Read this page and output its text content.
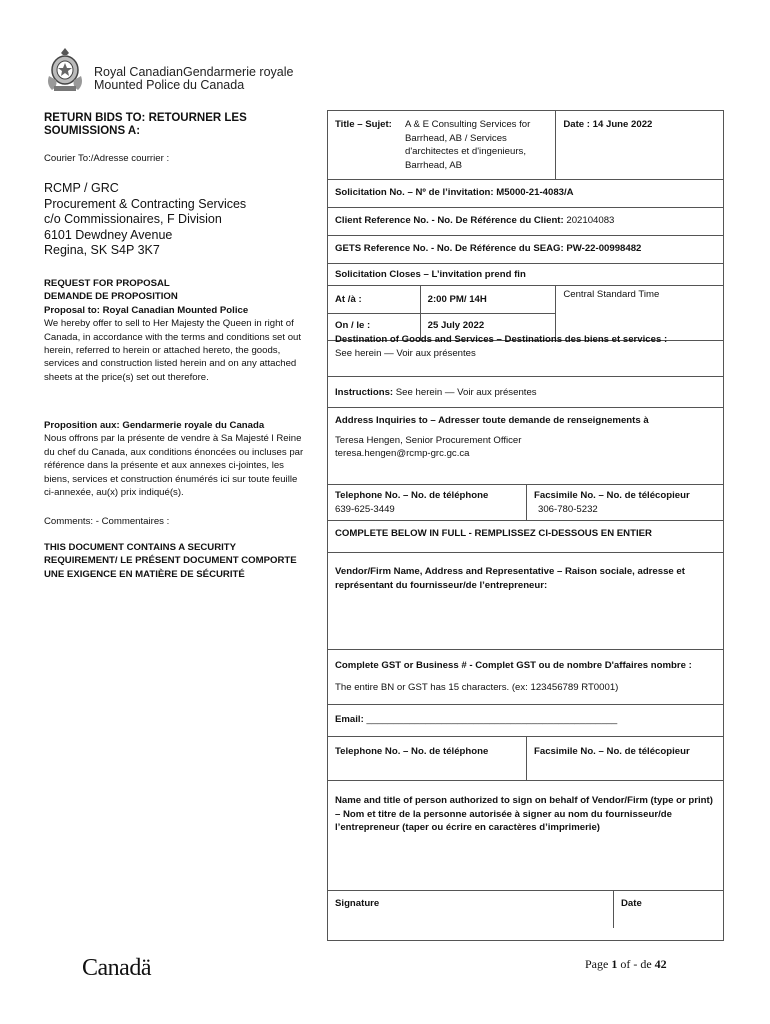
Royal Canadian Gendarmerie royale
Mounted Police du Canada
RETURN BIDS TO: RETOURNER LES
SOUMISSIONS A:
Courier To:/Adresse courrier :
RCMP / GRC
Procurement & Contracting Services
c/o Commissionaires, F Division
6101 Dewdney Avenue
Regina, SK S4P 3K7
REQUEST FOR PROPOSAL
DEMANDE DE PROPOSITION
Proposal to: Royal Canadian Mounted Police
We hereby offer to sell to Her Majesty the Queen in right of Canada, in accordance with the terms and conditions set out herein, referred to herein or attached hereto, the goods, services and construction listed herein and on any attached sheets at the price(s) set out therefore.
Proposition aux: Gendarmerie royale du Canada
Nous offrons par la présente de vendre à Sa Majesté l Reine du chef du Canada, aux conditions énoncées ou incluses par référence dans la présente et aux annexes ci-jointes, les biens, services et construction énumérés ici sur toute feuille ci-annexée, au(x) prix indiqué(s).
Comments: - Commentaires :
THIS DOCUMENT CONTAINS A SECURITY REQUIREMENT/ LE PRÉSENT DOCUMENT COMPORTE UNE EXIGENCE EN MATIÈRE DE SÉCURITÉ
Title – Sujet: A & E Consulting Services for Barrhead, AB / Services d'architectes et d'ingenieurs, Barrhead, AB		Date : 14 June 2022

Solicitation No. – Nº de l’invitation: M5000-21-4083/A		

Client Reference No. - No. De Référence du Client: 202104083		

GETS Reference No. - No. De Référence du SEAG: PW-22-00998482		

Solicitation Closes – L’invitation prend fin		

At /à :	2:00 PM/ 14H	Central Standard Time

On / le :	25 July 2022	
Destination of Goods and Services – Destinations des biens et services :
See herein — Voir aux présentes
Instructions: See herein — Voir aux présentes
Address Inquiries to – Adresser toute demande de renseignements à
Teresa Hengen, Senior Procurement Officer
teresa.hengen@rcmp-grc.gc.ca
Telephone No. – No. de téléphone
639-625-3449
Facsimile No. – No. de télécopieur
306-780-5232
COMPLETE BELOW IN FULL - REMPLISSEZ CI-DESSOUS EN ENTIER
Vendor/Firm Name, Address and Representative – Raison sociale, adresse et représentant du fournisseur/de l’entrepreneur:
Complete GST or Business # - Complet GST ou de nombre D'affaires nombre :
________________________________
The entire BN or GST has 15 characters. (ex: 123456789 RT0001)
Email: _______________________________________________
Telephone No. – No. de téléphone	Facsimile No. – No. de télécopieur
Name and title of person authorized to sign on behalf of Vendor/Firm (type or print) – Nom et titre de la personne autorisée à signer au nom du fournisseur/de l’entrepreneur (taper ou écrire en caractères d’imprimerie)
Signature	Date
Canadä	Page 1 of - de 42
